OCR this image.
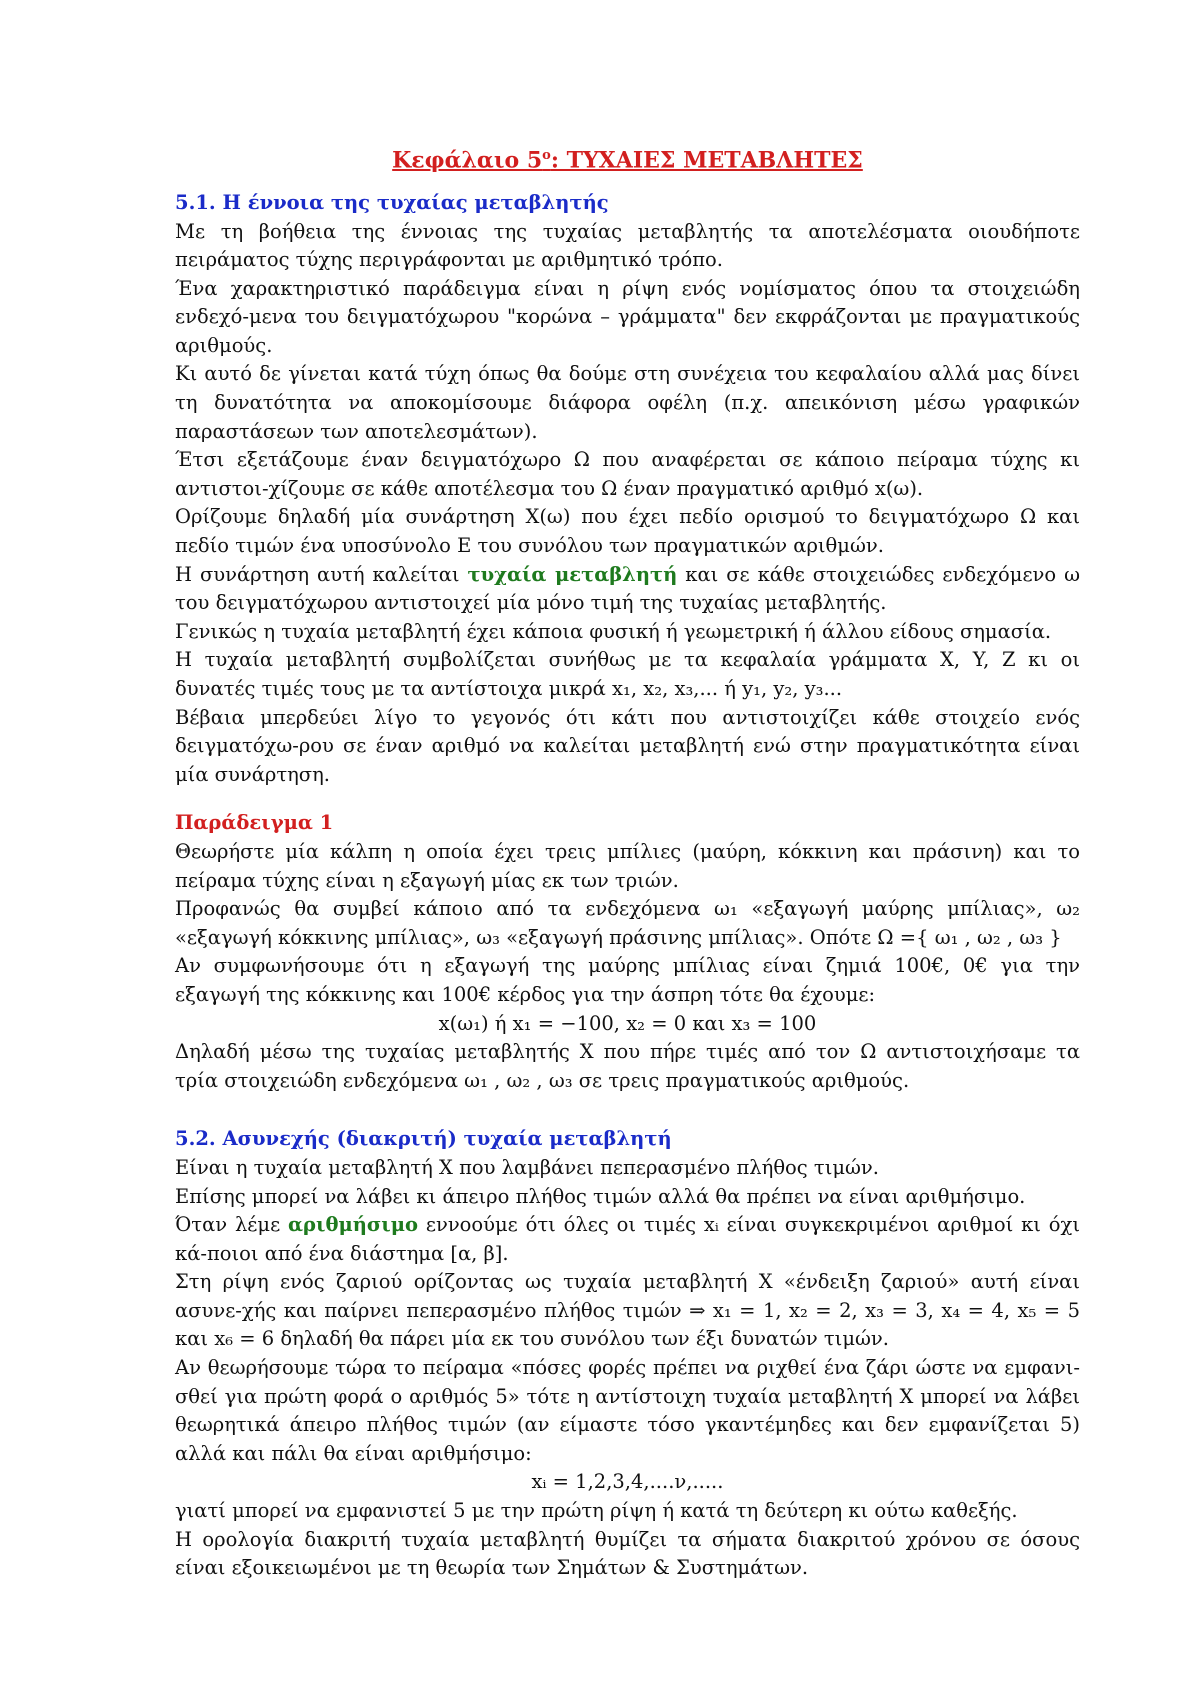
Κεφάλαιο $5^o$: ΤΥΧΑΙΕΣ ΜΕΤΑΒΛΗΤΕΣ
5.1. Η έννοια της τυχαίας μεταβλητής

Με τη βοήθεια της έννοιας της τυχαίας μεταβλητής τα αποτελέσματα οιουδήποτε πειράματος τύχης περιγράφονται με αριθμητικό τρόπο.

Ένα χαρακτηριστικό παράδειγμα είναι η ρίψη ενός νομίσματος όπου τα στοιχειώδη ενδεχό-μενα του δειγματόχωρου "κορώνα – γράμματα" δεν εκφράζονται με πραγματικούς αριθμούς.

Κι αυτό δε γίνεται κατά τύχη όπως θα δούμε στη συνέχεια του κεφαλαίου αλλά μας δίνει τη δυνατότητα να αποκομίσουμε διάφορα οφέλη (π.χ. απεικόνιση μέσω γραφικών παραστάσεων των αποτελεσμάτων).

Έτσι εξετάζουμε έναν δειγματόχωρο Ω που αναφέρεται σε κάποιο πείραμα τύχης κι αντιστοι-χίζουμε σε κάθε αποτέλεσμα του Ω έναν πραγματικό αριθμό x(ω).

Ορίζουμε δηλαδή μία συνάρτηση X(ω) που έχει πεδίο ορισμού το δειγματόχωρο Ω και πεδίο τιμών ένα υποσύνολο Ε του συνόλου των πραγματικών αριθμών.

Η συνάρτηση αυτή καλείται τυχαία μεταβλητή και σε κάθε στοιχειώδες ενδεχόμενο ω του δειγματόχωρου αντιστοιχεί μία μόνο τιμή της τυχαίας μεταβλητής.

Γενικώς η τυχαία μεταβλητή έχει κάποια φυσική ή γεωμετρική ή άλλου είδους σημασία.

Η τυχαία μεταβλητή συμβολίζεται συνήθως με τα κεφαλαία γράμματα X, Y, Z κι οι δυνατές τιμές τους με τα αντίστοιχα μικρά x₁, x₂, x₃,... ή y₁, y₂, y₃...

Βέβαια μπερδεύει λίγο το γεγονός ότι κάτι που αντιστοιχίζει κάθε στοιχείο ενός δειγματόχω-ρου σε έναν αριθμό να καλείται μεταβλητή ενώ στην πραγματικότητα είναι μία συνάρτηση.

Παράδειγμα 1

Θεωρήστε μία κάλπη η οποία έχει τρεις μπίλιες (μαύρη, κόκκινη και πράσινη) και το πείραμα τύχης είναι η εξαγωγή μίας εκ των τριών.

Προφανώς θα συμβεί κάποιο από τα ενδεχόμενα ω₁ «εξαγωγή μαύρης μπίλιας», ω₂ «εξαγωγή κόκκινης μπίλιας», ω₃ «εξαγωγή πράσινης μπίλιας». Οπότε Ω ={ ω₁ , ω₂ , ω₃ }

Αν συμφωνήσουμε ότι η εξαγωγή της μαύρης μπίλιας είναι ζημιά 100€, 0€ για την εξαγωγή της κόκκινης και 100€ κέρδος για την άσπρη τότε θα έχουμε:

x(ω₁) ή x₁ = −100, x₂ = 0 και x₃ = 100

Δηλαδή μέσω της τυχαίας μεταβλητής Χ που πήρε τιμές από τον Ω αντιστοιχήσαμε τα τρία στοιχειώδη ενδεχόμενα ω₁ , ω₂ , ω₃ σε τρεις πραγματικούς αριθμούς.

5.2. Ασυνεχής (διακριτή) τυχαία μεταβλητή

Είναι η τυχαία μεταβλητή Χ που λαμβάνει πεπερασμένο πλήθος τιμών.

Επίσης μπορεί να λάβει κι άπειρο πλήθος τιμών αλλά θα πρέπει να είναι αριθμήσιμο.

Όταν λέμε αριθμήσιμο εννοούμε ότι όλες οι τιμές xᵢ είναι συγκεκριμένοι αριθμοί κι όχι κά-ποιοι από ένα διάστημα [α, β].

Στη ρίψη ενός ζαριού ορίζοντας ως τυχαία μεταβλητή Χ «ένδειξη ζαριού» αυτή είναι ασυνε-χής και παίρνει πεπερασμένο πλήθος τιμών ⇒ x₁ = 1, x₂ = 2, x₃ = 3, x₄ = 4, x₅ = 5 και x₆ = 6 δηλαδή θα πάρει μία εκ του συνόλου των έξι δυνατών τιμών.

Αν θεωρήσουμε τώρα το πείραμα «πόσες φορές πρέπει να ριχθεί ένα ζάρι ώστε να εμφανι-σθεί για πρώτη φορά ο αριθμός 5» τότε η αντίστοιχη τυχαία μεταβλητή Χ μπορεί να λάβει θεωρητικά άπειρο πλήθος τιμών (αν είμαστε τόσο γκαντέμηδες και δεν εμφανίζεται 5) αλλά και πάλι θα είναι αριθμήσιμο:

xᵢ = 1,2,3,4,....ν,.....

γιατί μπορεί να εμφανιστεί 5 με την πρώτη ρίψη ή κατά τη δεύτερη κι ούτω καθεξής.

Η ορολογία διακριτή τυχαία μεταβλητή θυμίζει τα σήματα διακριτού χρόνου σε όσους είναι εξοικειωμένοι με τη θεωρία των Σημάτων & Συστημάτων.
